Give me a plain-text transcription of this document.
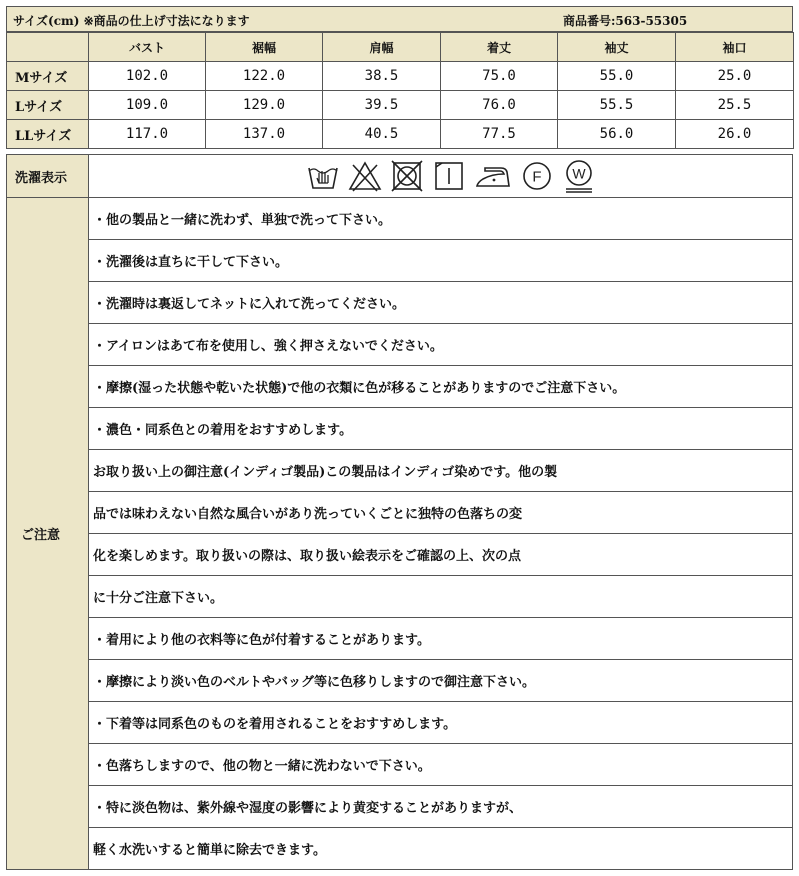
サイズ(cm) ※商品の仕上げ寸法になります	商品番号:563-55305
	バスト	裾幅	肩幅	着丈	袖丈	袖口
Mサイズ	102.0	122.0	38.5	75.0	55.0	25.0
Lサイズ	109.0	129.0	39.5	76.0	55.5	25.5
LLサイズ	117.0	137.0	40.5	77.5	56.0	26.0
洗濯表示	F W
ご注意
・他の製品と一緒に洗わず、単独で洗って下さい。
・洗濯後は直ちに干して下さい。
・洗濯時は裏返してネットに入れて洗ってください。
・アイロンはあて布を使用し、強く押さえないでください。
・摩擦(湿った状態や乾いた状態)で他の衣類に色が移ることがありますのでご注意下さい。
・濃色・同系色との着用をおすすめします。
お取り扱い上の御注意(インディゴ製品)この製品はインディゴ染めです。他の製
品では味わえない自然な風合いがあり洗っていくごとに独特の色落ちの変
化を楽しめます。取り扱いの際は、取り扱い絵表示をご確認の上、次の点
に十分ご注意下さい。
・着用により他の衣料等に色が付着することがあります。
・摩擦により淡い色のベルトやバッグ等に色移りしますので御注意下さい。
・下着等は同系色のものを着用されることをおすすめします。
・色落ちしますので、他の物と一緒に洗わないで下さい。
・特に淡色物は、紫外線や湿度の影響により黄変することがありますが、
軽く水洗いすると簡単に除去できます。
